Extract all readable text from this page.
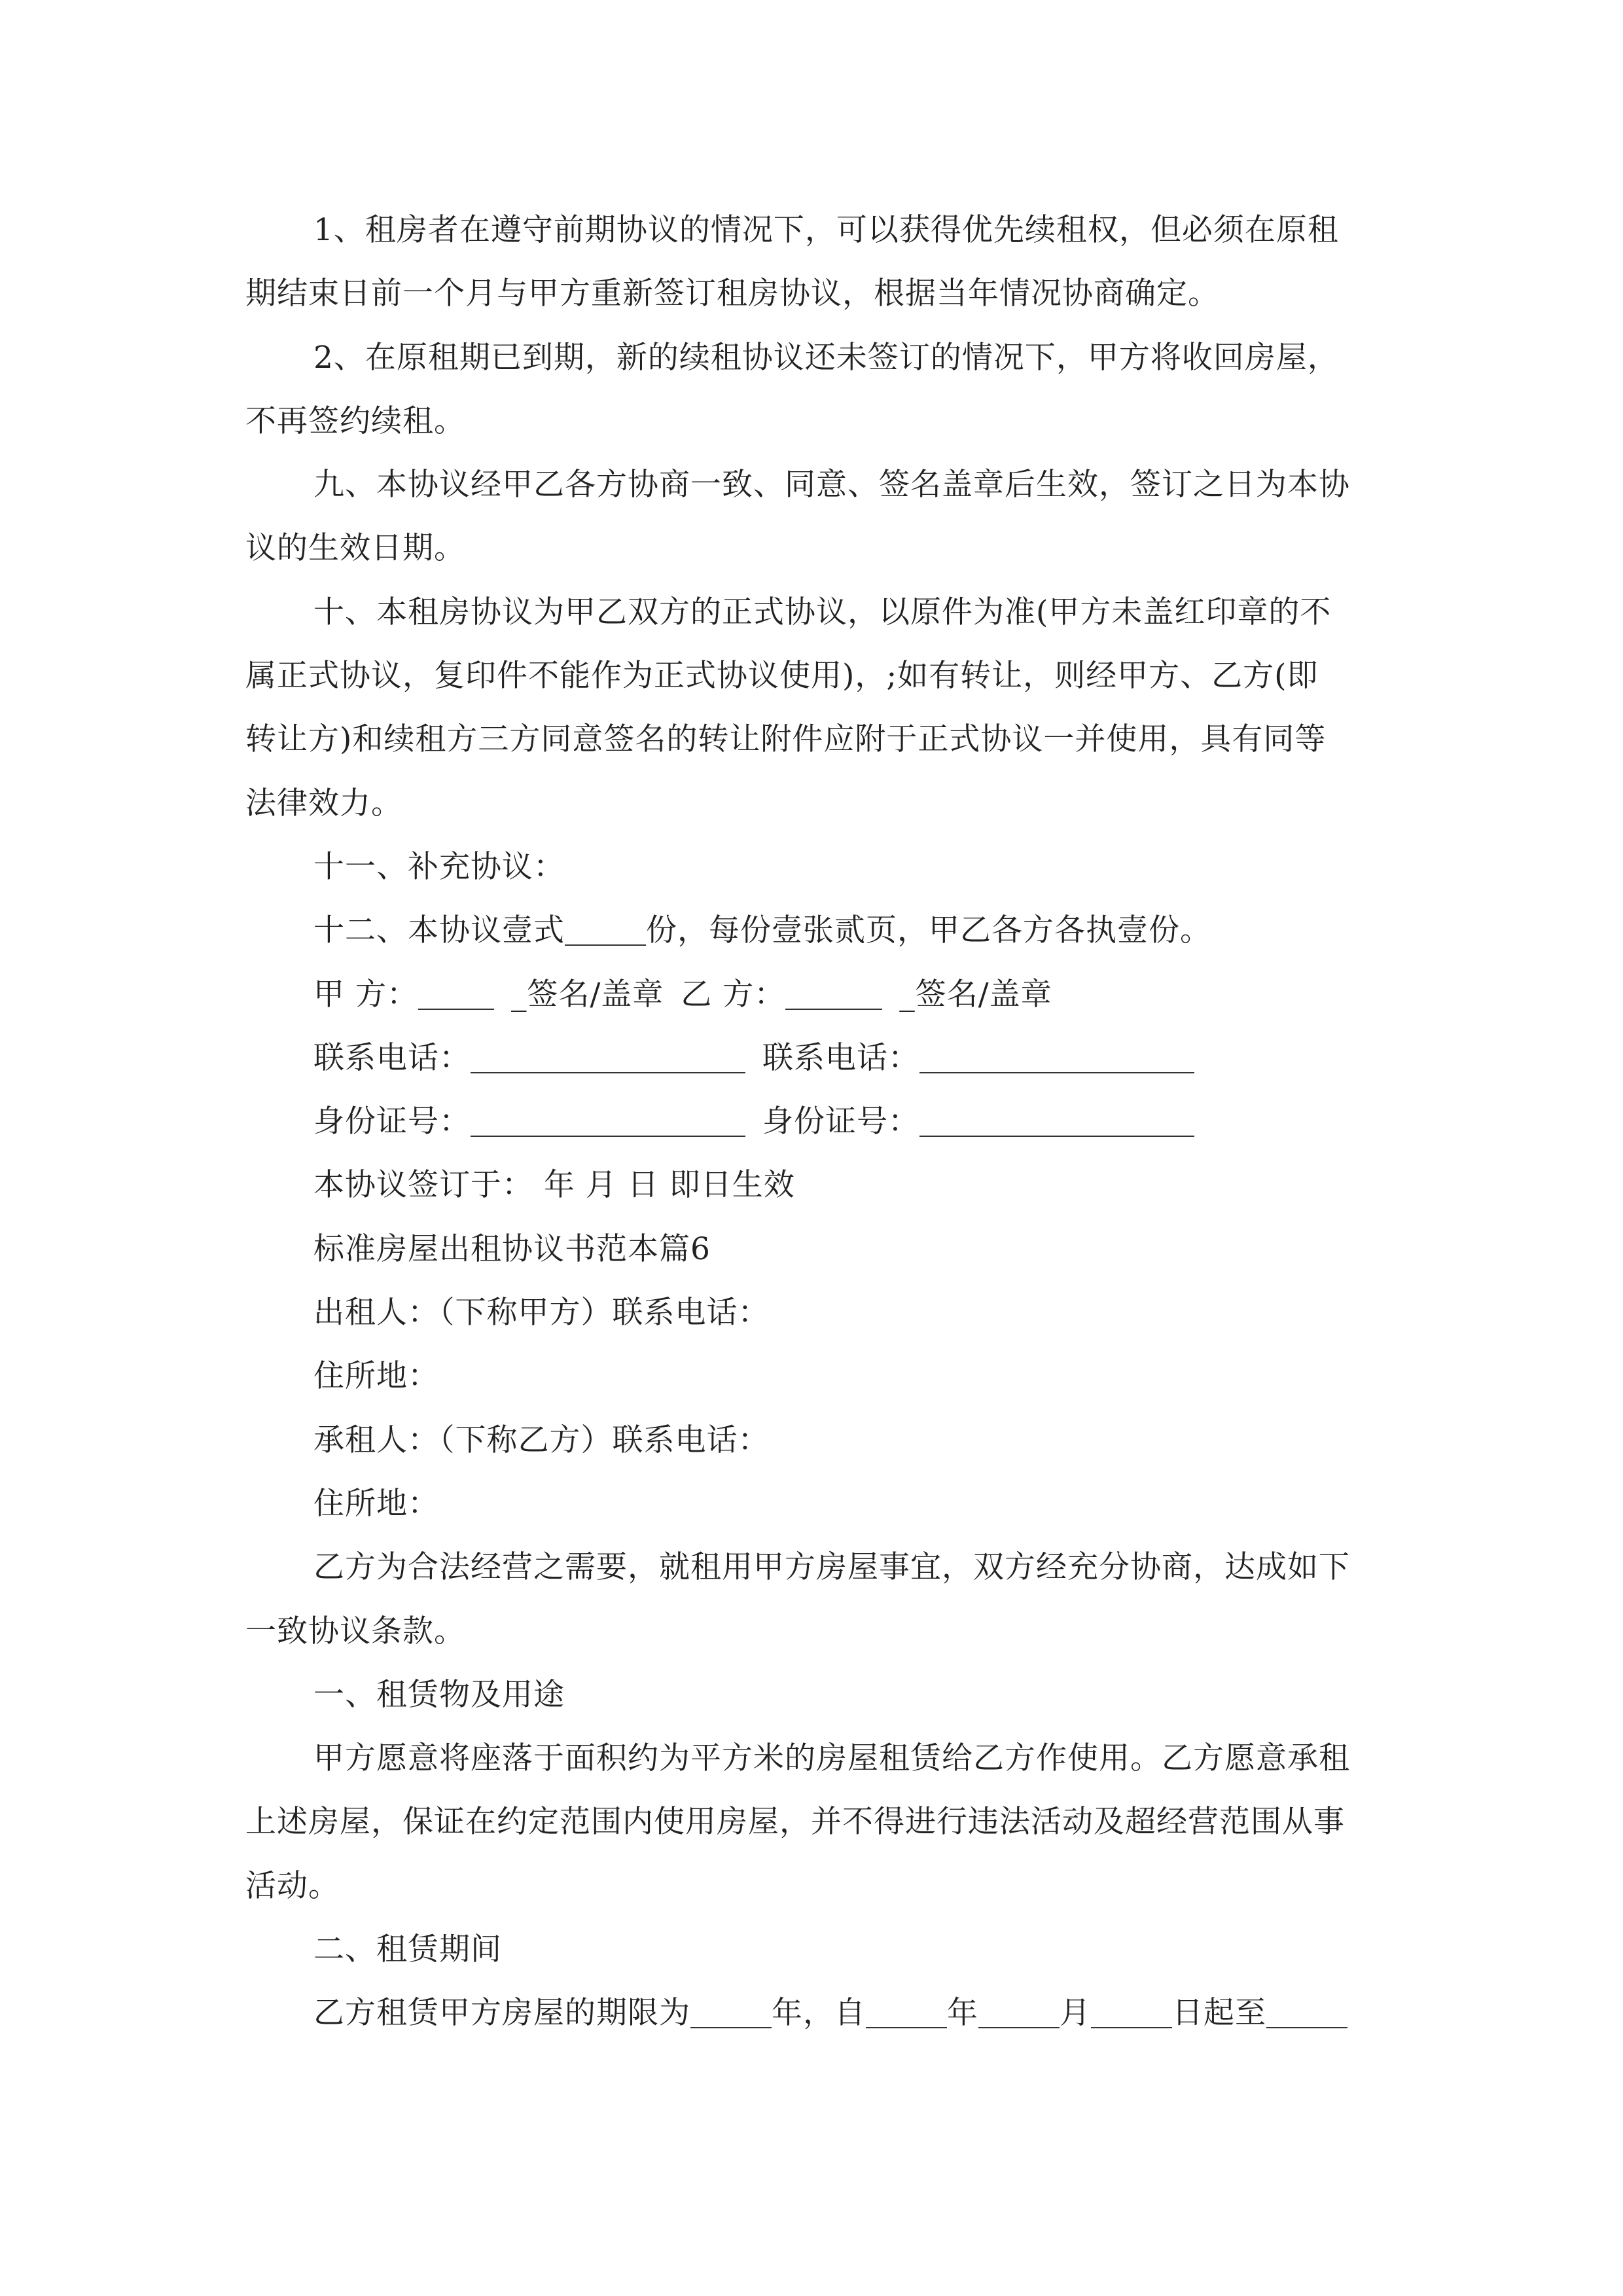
1、租房者在遵守前期协议的情况下，可以获得优先续租权，但必须在原租
期结束日前一个月与甲方重新签订租房协议，根据当年情况协商确定。
2、在原租期已到期，新的续租协议还未签订的情况下，甲方将收回房屋，
不再签约续租。
九、本协议经甲乙各方协商一致、同意、签名盖章后生效，签订之日为本协
议的生效日期。
十、本租房协议为甲乙双方的正式协议，以原件为准(甲方未盖红印章的不
属正式协议，复印件不能作为正式协议使用)，;如有转让，则经甲方、乙方(即
转让方)和续租方三方同意签名的转让附件应附于正式协议一并使用，具有同等
法律效力。
十一、补充协议：
十二、本协议壹式	份，每份壹张贰页，甲乙各方各执壹份。
甲 方：	_签名/盖章 乙 方：	_签名/盖章
联系电话：	联系电话：
身份证号：	身份证号：
本协议签订于： 年 月 日 即日生效
标准房屋出租协议书范本篇6
出租人：（下称甲方）联系电话：
住所地：
承租人：（下称乙方）联系电话：
住所地：
乙方为合法经营之需要，就租用甲方房屋事宜，双方经充分协商，达成如下
一致协议条款。
一、租赁物及用途
甲方愿意将座落于面积约为平方米的房屋租赁给乙方作使用。乙方愿意承租
上述房屋，保证在约定范围内使用房屋，并不得进行违法活动及超经营范围从事
活动。
二、租赁期间
乙方租赁甲方房屋的期限为	年，自	年	月	日起至
